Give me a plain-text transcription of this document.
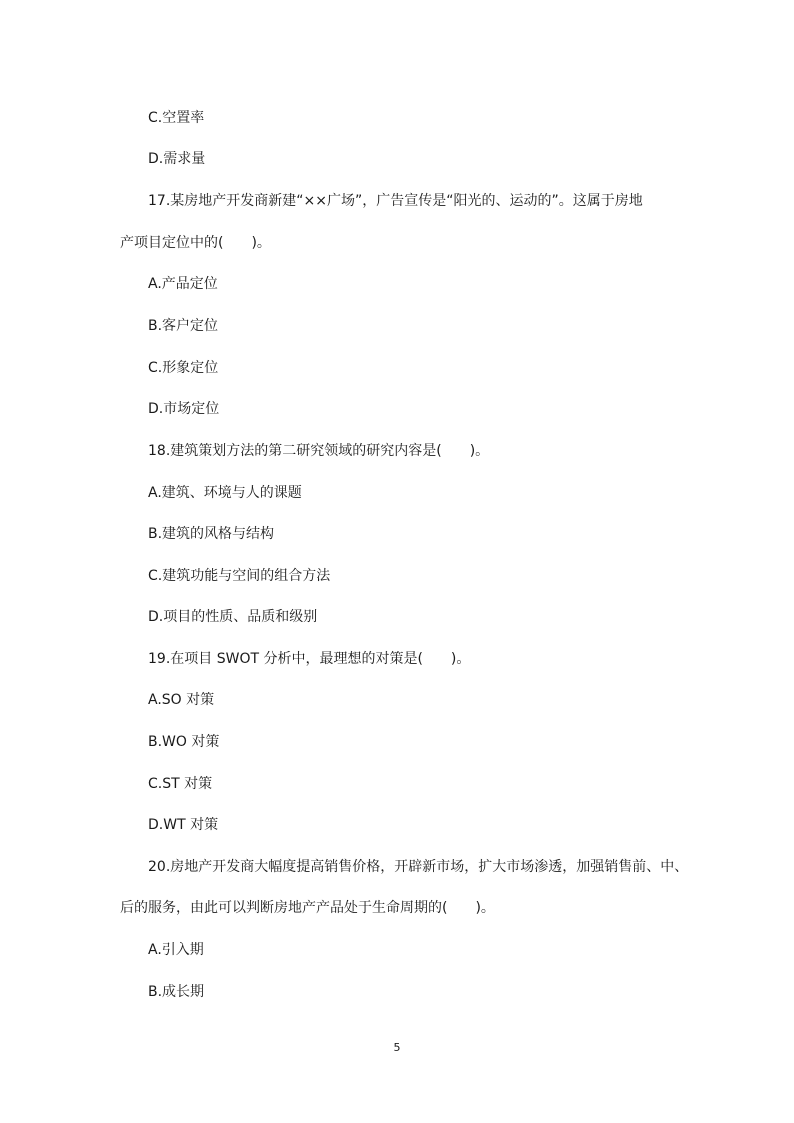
C.空置率
D.需求量
17.某房地产开发商新建“××广场”，广告宣传是“阳光的、运动的”。这属于房地
产项目定位中的(　　)。
A.产品定位
B.客户定位
C.形象定位
D.市场定位
18.建筑策划方法的第二研究领域的研究内容是(　　)。
A.建筑、环境与人的课题
B.建筑的风格与结构
C.建筑功能与空间的组合方法
D.项目的性质、品质和级别
19.在项目 SWOT 分析中，最理想的对策是(　　)。
A.SO 对策
B.WO 对策
C.ST 对策
D.WT 对策
20.房地产开发商大幅度提高销售价格，开辟新市场，扩大市场渗透，加强销售前、中、
后的服务，由此可以判断房地产产品处于生命周期的(　　)。
A.引入期
B.成长期
5
